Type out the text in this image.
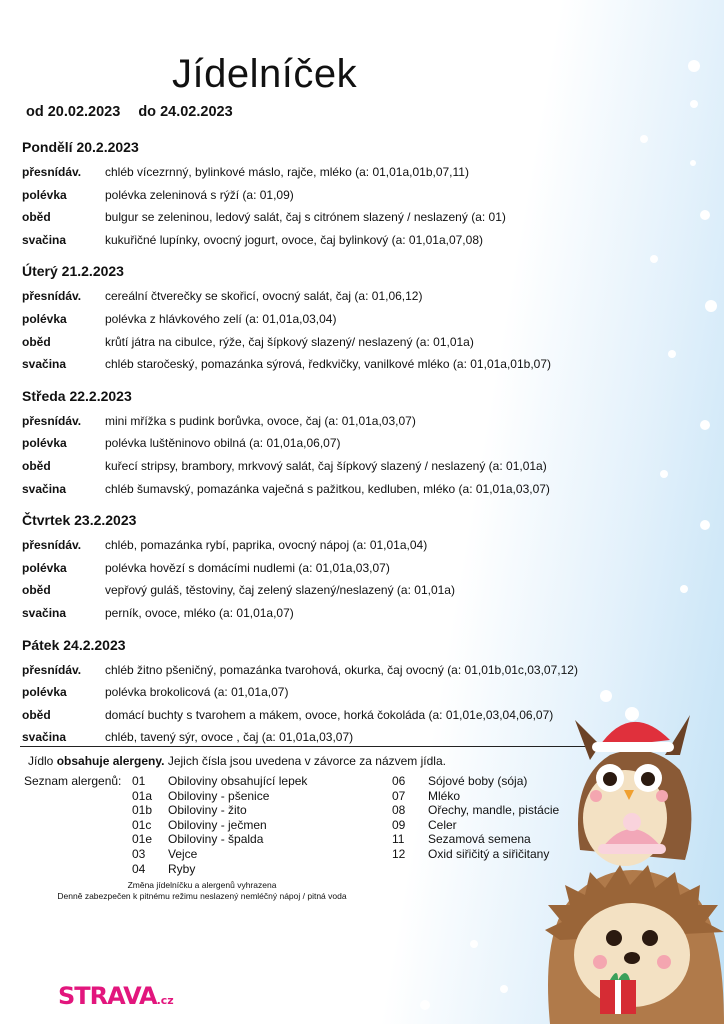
Jídelníček
od 20.02.2023 do 24.02.2023
Pondělí 20.2.2023
přesnídáv.	chléb vícezrnný, bylinkové máslo, rajče, mléko (a: 01,01a,01b,07,11)
polévka	polévka zeleninová s rýží (a: 01,09)
oběd	bulgur se zeleninou, ledový salát, čaj s citrónem slazený / neslazený (a: 01)
svačina	kukuřičné lupínky, ovocný jogurt, ovoce, čaj bylinkový (a: 01,01a,07,08)
Úterý 21.2.2023
přesnídáv.	cereální čtverečky se skořicí, ovocný salát, čaj (a: 01,06,12)
polévka	polévka z hlávkového zelí (a: 01,01a,03,04)
oběd	krůtí játra na cibulce, rýže, čaj šípkový slazený/ neslazený (a: 01,01a)
svačina	chléb staročeský, pomazánka sýrová, ředkvičky, vanilkové mléko (a: 01,01a,01b,07)
Středa 22.2.2023
přesnídáv.	mini mřížka s pudink borůvka, ovoce, čaj (a: 01,01a,03,07)
polévka	polévka luštěninovo obilná (a: 01,01a,06,07)
oběd	kuřecí stripsy, brambory, mrkvový salát, čaj šípkový slazený / neslazený (a: 01,01a)
svačina	chléb šumavský, pomazánka vaječná s pažitkou, kedluben, mléko (a: 01,01a,03,07)
Čtvrtek 23.2.2023
přesnídáv.	chléb, pomazánka rybí, paprika, ovocný nápoj (a: 01,01a,04)
polévka	polévka hovězí s domácími nudlemi (a: 01,01a,03,07)
oběd	vepřový guláš, těstoviny, čaj zelený slazený/neslazený (a: 01,01a)
svačina	perník, ovoce, mléko (a: 01,01a,07)
Pátek 24.2.2023
přesnídáv.	chléb žitno pšeničný, pomazánka tvarohová, okurka, čaj ovocný (a: 01,01b,01c,03,07,12)
polévka	polévka brokolicová (a: 01,01a,07)
oběd	domácí buchty s tvarohem a mákem, ovoce, horká čokoláda (a: 01,01e,03,04,06,07)
svačina	chléb, tavený sýr, ovoce , čaj (a: 01,01a,03,07)
Jídlo obsahuje alergeny. Jejich čísla jsou uvedena v závorce za názvem jídla.
Seznam alergenů: 01	Obiloviny obsahující lepek
01a	Obiloviny - pšenice
01b	Obiloviny - žito
01c	Obiloviny - ječmen
01e	Obiloviny - špalda
03	Vejce
04	Ryby
06	Sójové boby (sója)
07	Mléko
08	Ořechy, mandle, pistácie
09	Celer
11	Sezamová semena
12	Oxid siřičitý a siřičitany
Změna jídelníčku a alergenů vyhrazena
Denně zabezpečen k pitnému režimu neslazený nemléčný nápoj / pitná voda
STRAVA.cz
